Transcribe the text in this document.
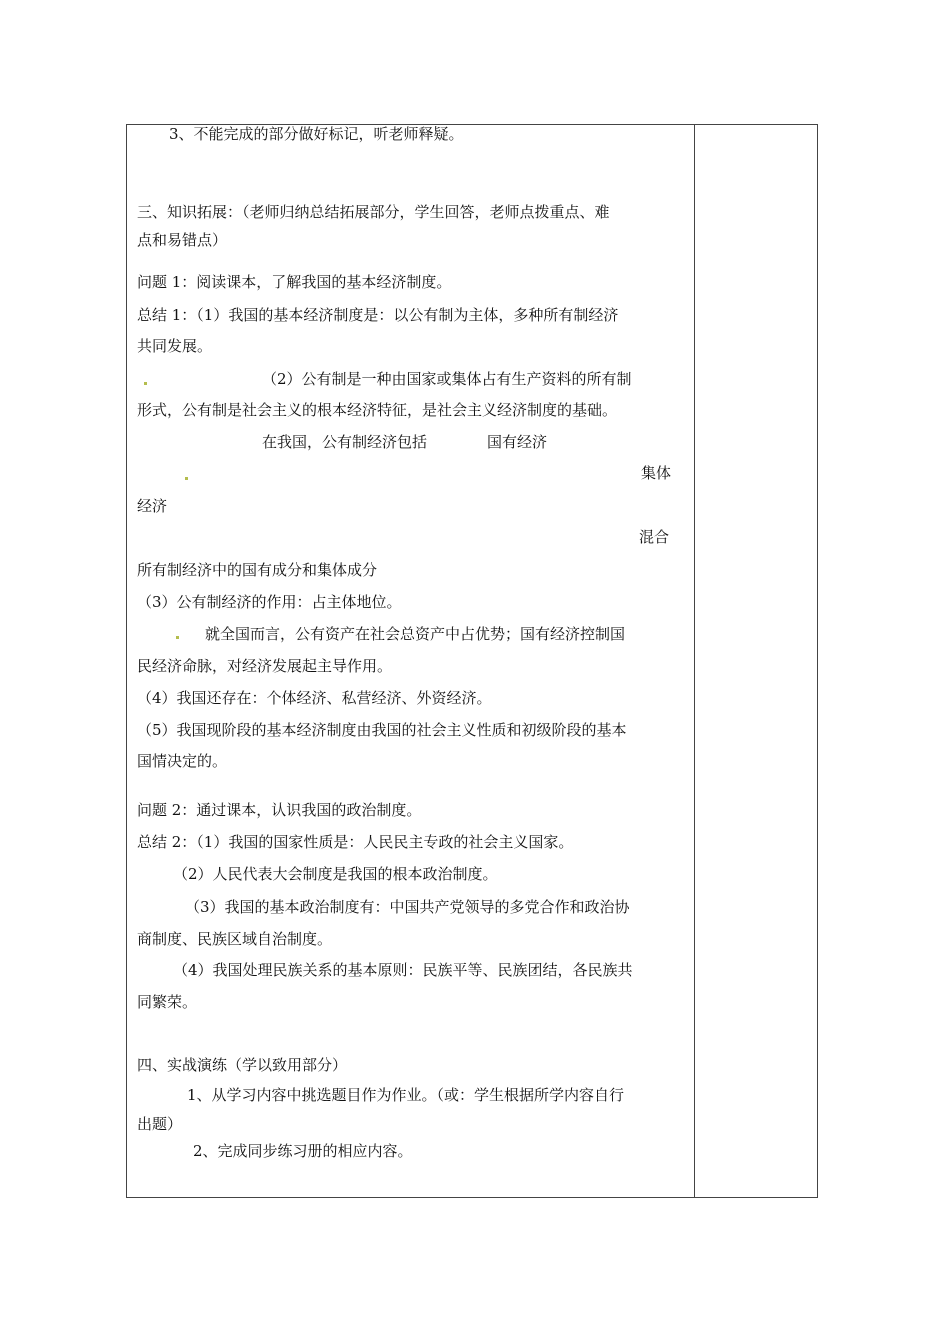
3、不能完成的部分做好标记，听老师释疑。
三、知识拓展：（老师归纳总结拓展部分，学生回答，老师点拨重点、难
点和易错点）
问题 1：阅读课本，了解我国的基本经济制度。
总结 1：（1）我国的基本经济制度是：以公有制为主体，多种所有制经济
共同发展。
（2）公有制是一种由国家或集体占有生产资料的所有制
形式，公有制是社会主义的根本经济特征，是社会主义经济制度的基础。
在我国，公有制经济包括	国有经济
集体
经济
混合
所有制经济中的国有成分和集体成分
（3）公有制经济的作用：占主体地位。
就全国而言，公有资产在社会总资产中占优势；国有经济控制国
民经济命脉，对经济发展起主导作用。
（4）我国还存在：个体经济、私营经济、外资经济。
（5）我国现阶段的基本经济制度由我国的社会主义性质和初级阶段的基本
国情决定的。
问题 2：通过课本，认识我国的政治制度。
总结 2：（1）我国的国家性质是：人民民主专政的社会主义国家。
（2）人民代表大会制度是我国的根本政治制度。
（3）我国的基本政治制度有：中国共产党领导的多党合作和政治协
商制度、民族区域自治制度。
（4）我国处理民族关系的基本原则：民族平等、民族团结，各民族共
同繁荣。
四、实战演练（学以致用部分）
1、从学习内容中挑选题目作为作业。（或：学生根据所学内容自行
出题）
2、完成同步练习册的相应内容。
